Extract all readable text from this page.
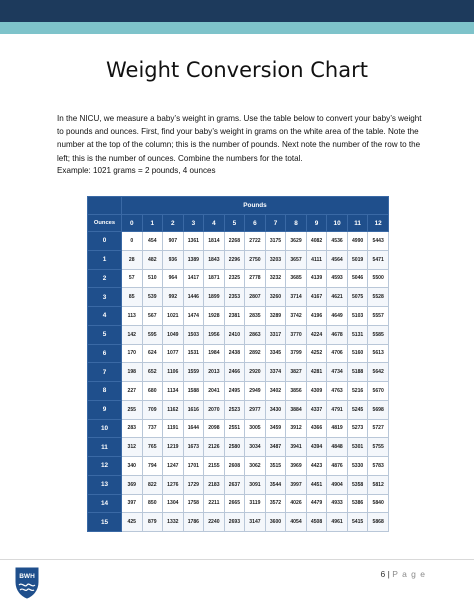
Weight Conversion Chart

In the NICU, we measure a baby’s weight in grams. Use the table below to convert your baby’s weight to pounds and ounces. First, find your baby’s weight in grams on the white area of the table. Note the number at the top of the column; this is the number of pounds. Next note the number of the row to the left; this is the number of ounces. Combine the numbers for the total.

Example: 1021 grams = 2 pounds, 4 ounces
	Pounds												
Ounces	0	1	2	3	4	5	6	7	8	9	10	11	12
0	0	454	907	1361	1814	2268	2722	3175	3629	4082	4536	4990	5443
1	28	482	936	1389	1843	2296	2750	3203	3657	4111	4564	5019	5471
2	57	510	964	1417	1871	2325	2778	3232	3685	4139	4593	5046	5500
3	85	539	992	1446	1899	2353	2807	3260	3714	4167	4621	5075	5528
4	113	567	1021	1474	1928	2381	2835	3289	3742	4196	4649	5103	5557
5	142	595	1049	1503	1956	2410	2863	3317	3770	4224	4678	5131	5585
6	170	624	1077	1531	1984	2438	2892	3345	3799	4252	4706	5160	5613
7	198	652	1106	1559	2013	2466	2920	3374	3827	4281	4734	5188	5642
8	227	680	1134	1588	2041	2495	2949	3402	3856	4309	4763	5216	5670
9	255	709	1162	1616	2070	2523	2977	3430	3884	4337	4791	5245	5698
10	283	737	1191	1644	2098	2551	3005	3459	3912	4366	4819	5273	5727
11	312	765	1219	1673	2126	2580	3034	3487	3941	4394	4848	5301	5755
12	340	794	1247	1701	2155	2608	3062	3515	3969	4423	4876	5330	5783
13	369	822	1276	1729	2183	2637	3091	3544	3997	4451	4904	5358	5812
14	397	850	1304	1758	2211	2665	3119	3572	4026	4479	4933	5386	5840
15	425	879	1332	1786	2240	2693	3147	3600	4054	4508	4961	5415	5868
BWH	6 | P a g e
